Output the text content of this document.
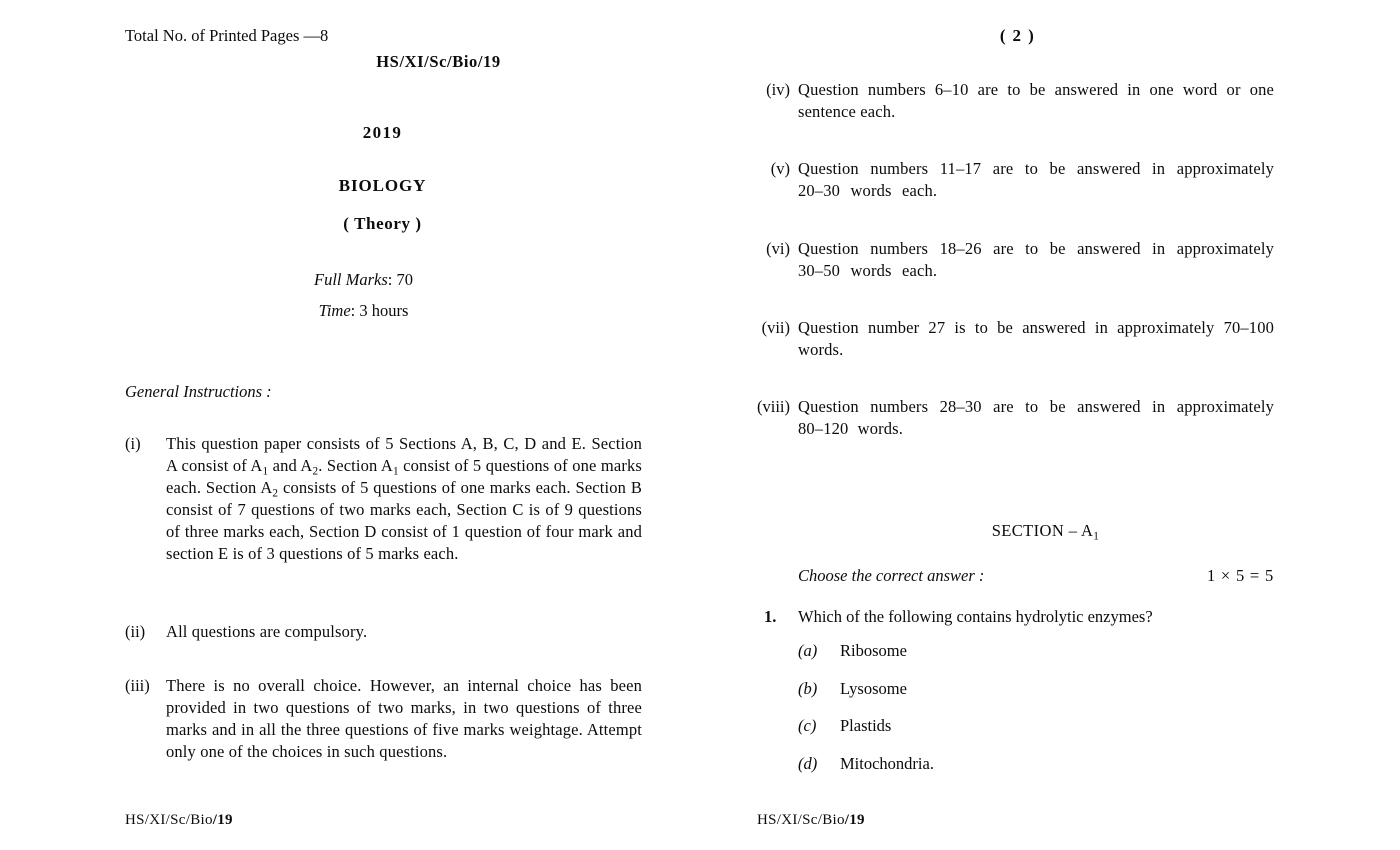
Total No. of Printed Pages —8
HS/XI/Sc/Bio/19
2019
BIOLOGY
( Theory )
Full Marks: 70
Time: 3 hours
General Instructions :
(i)	This question paper consists of 5 Sections A, B, C, D and E. Section A consist of $A_1$ and $A_2$. Section $A_1$ consist of 5 questions of one marks each. Section $A_2$ consists of 5 questions of one marks each. Section B consist of 7 questions of two marks each, Section C is of 9 questions of three marks each, Section D consist of 1 question of four mark and section E is of 3 questions of 5 marks each.
(ii)	All questions are compulsory.
(iii) There is no overall choice. However, an internal choice has been provided in two questions of two marks, in two questions of three marks and in all the three questions of five marks weightage. Attempt only one of the choices in such questions.
( 2 )
(iv) Question numbers 6–10 are to be answered in one word or one sentence each.
(v) Question numbers 11–17 are to be answered in approximately 20–30 words each.
(vi) Question numbers 18–26 are to be answered in approximately 30–50 words each.
(vii) Question number 27 is to be answered in approximately 70–100 words.
(viii) Question numbers 28–30 are to be answered in approximately 80–120 words.
SECTION – $A_1$
Choose the correct answer :	1 × 5 = 5
1. Which of the following contains hydrolytic enzymes?
(a)	Ribosome
(b)	Lysosome
(c)	Plastids
(d)	Mitochondria.
HS/XI/Sc/Bio/19	HS/XI/Sc/Bio/19
